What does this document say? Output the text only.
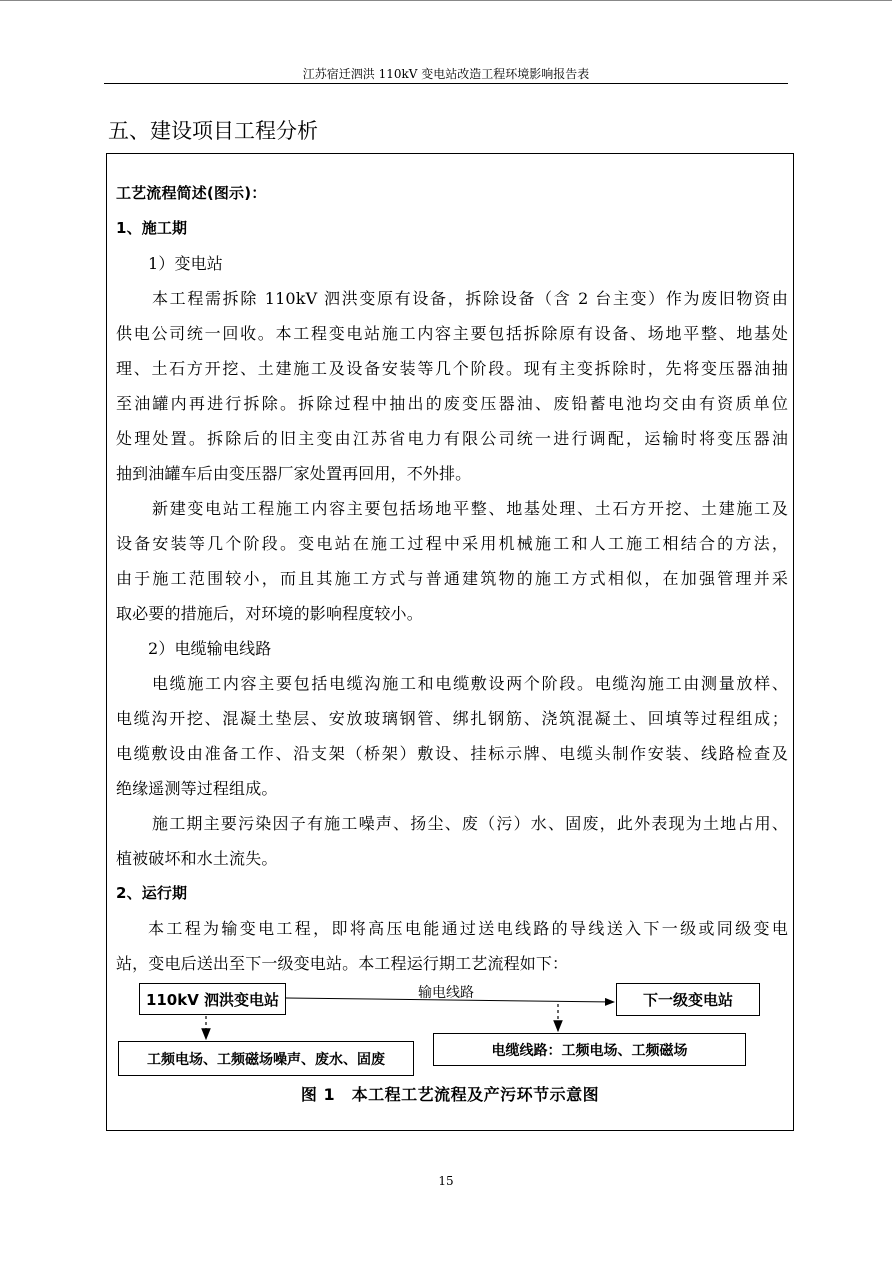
江苏宿迁泗洪 110kV 变电站改造工程环境影响报告表
五、建设项目工程分析
工艺流程简述(图示)：
1、施工期
1）变电站
本工程需拆除 110kV 泗洪变原有设备，拆除设备（含 2 台主变）作为废旧物资由
供电公司统一回收。本工程变电站施工内容主要包括拆除原有设备、场地平整、地基处
理、土石方开挖、土建施工及设备安装等几个阶段。现有主变拆除时，先将变压器油抽
至油罐内再进行拆除。拆除过程中抽出的废变压器油、废铅蓄电池均交由有资质单位
处理处置。拆除后的旧主变由江苏省电力有限公司统一进行调配，运输时将变压器油
抽到油罐车后由变压器厂家处置再回用，不外排。
新建变电站工程施工内容主要包括场地平整、地基处理、土石方开挖、土建施工及
设备安装等几个阶段。变电站在施工过程中采用机械施工和人工施工相结合的方法，
由于施工范围较小，而且其施工方式与普通建筑物的施工方式相似，在加强管理并采
取必要的措施后，对环境的影响程度较小。
2）电缆输电线路
电缆施工内容主要包括电缆沟施工和电缆敷设两个阶段。电缆沟施工由测量放样、
电缆沟开挖、混凝土垫层、安放玻璃钢管、绑扎钢筋、浇筑混凝土、回填等过程组成；
电缆敷设由准备工作、沿支架（桥架）敷设、挂标示牌、电缆头制作安装、线路检查及
绝缘遥测等过程组成。
施工期主要污染因子有施工噪声、扬尘、废（污）水、固废，此外表现为土地占用、
植被破坏和水土流失。
2、运行期
本工程为输变电工程，即将高压电能通过送电线路的导线送入下一级或同级变电
站，变电后送出至下一级变电站。本工程运行期工艺流程如下：
输电线路
110kV 泗洪变电站	下一级变电站
工频电场、工频磁场噪声、废水、固废
电缆线路：工频电场、工频磁场
图 1　本工程工艺流程及产污环节示意图
15
